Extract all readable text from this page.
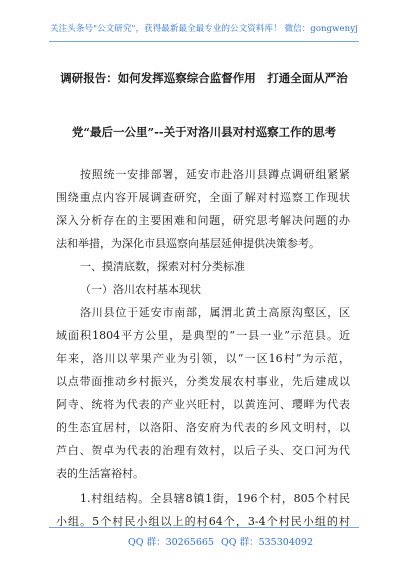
关注头条号"公文研究"，获得最新最全最专业的公文资料库！ 微信：gongwenyj
调研报告：如何发挥巡察综合监督作用　打通全面从严治
党“最后一公里”--关于对洛川县对村巡察工作的思考
按照统一安排部署，延安市赴洛川县蹲点调研组紧紧
围绕重点内容开展调查研究，全面了解对村巡察工作现状
深入分析存在的主要困难和问题，研究思考解决问题的办
法和举措，为深化市县巡察向基层延伸提供决策参考。
一、摸清底数，探索对村分类标准
（一）洛川农村基本现状
洛川县位于延安市南部，属渭北黄土高原沟壑区，区
域面积1804平方公里，是典型的“一县一业”示范县。近
年来，洛川以苹果产业为引领，以“一区16村”为示范，
以点带面推动乡村振兴，分类发展农村事业，先后建成以
阿寺、统将为代表的产业兴旺村，以黄连河、璎畔为代表
的生态宜居村，以洛阳、洛安府为代表的乡风文明村，以
芦白、贺卓为代表的治理有效村，以后子头、交口河为代
表的生活富裕村。
1.村组结构。全县辖8镇1街，196个村，805个村民
小组。5个村民小组以上的村64个，3-4个村民小组的村
QQ 群：30265665 QQ 群：535304092
